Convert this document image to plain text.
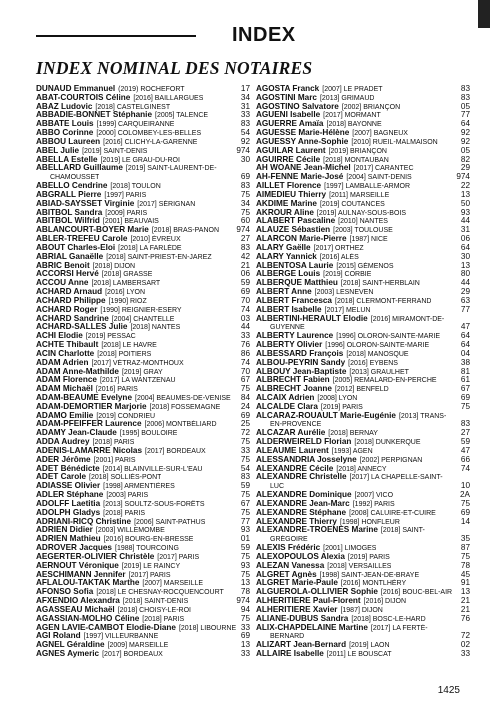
INDEX
INDEX NOMINAL DES NOTAIRES
DUNAUD Emmanuel (2019) ROCHEFORT	17
ABAT-COURTOIS Céline [2016] BAILLARGUES	34
ABAZ Ludovic [2018] CASTELGINEST	31
ABBADIE-BONNET Stéphanie [2005] TALENCE	33
ABBATE Louis [1999] CARQUEIRANNE	83
ABBO Corinne [2000] COLOMBEY-LES-BELLES	54
ABBOU Laureen [2016] CLICHY-LA-GARENNE	92
ABEL Julie [2019] SAINT-DENIS	974
ABELLA Estelle [2019] LE GRAU-DU-ROI	30
ABELLARD Guillaume [2019] SAINT-LAURENT-DE-
CHAMOUSSET	69
ABELLO Cendrine [2018] TOULON	83
ABGRALL Pierre [1997] PARIS	75
ABIAD-SAYSSET Virginie [2017] SÉRIGNAN	34
ABITBOL Sandra [2009] PARIS	75
ABITBOL Wilfrid [2001] BEAUVAIS	60
ABLANCOURT-BOYER Marie [2018] BRAS-PANON 974
ABLER-TREFEU Carole [2010] ÉVREUX	27
ABOUT Charles-Eloi [2018] LA FARLÈDE	83
ABRIAL Ganaëlle [2018] SAINT-PRIEST-EN-JAREZ	42
ABRIC Benoit [2018] DIJON	21
ACCORSI Hervé [2018] GRASSE	06
ACCOU Anne [2018] LAMBERSART	59
ACHARD Arnaud [2016] LYON	69
ACHARD Philippe [1990] RIOZ	70
ACHARD Roger [1990] REIGNIER-ESERY	74
ACHARD Sandrine [2004] CHANTELLE	03
ACHARD-SALLES Julie [2018] NANTES	44
ACHI Elodie [2019] PESSAC	33
ACHTE Thibault [2018] LE HAVRE	76
ACIN Charlotte [2018] POITIERS	86
ADAM Adrien [2017] VÉTRAZ-MONTHOUX	74
ADAM Anne-Mathilde [2019] GRAY	70
ADAM Florence [2017] LA WANTZENAU	67
ADAM Michaël [2016] PARIS	75
ADAM-BEAUME Evelyne [2004] BEAUMES-DE-VENISE 84
ADAM-DEMORTIER Marjorie [2018] FOSSEMAGNE	24
ADAMO Emilie [2019] CONDRIEU	69
ADAM-PFEIFFER Laurence [2006] MONTBÉLIARD	25
ADAMY Jean-Claude [1995] BOULOIRE	72
ADDA Audrey [2018] PARIS	75
ADENIS-LAMARRE Nicolas [2017] BORDEAUX	33
ADER Jérôme [2001] PARIS	75
ADET Bénédicte [2014] BLAINVILLE-SUR-L'EAU	54
ADET Carole [2018] SOLLIÈS-PONT	83
ADIASSE Olivier [1998] ARMENTIÈRES	59
ADLER Stéphane [2003] PARIS	75
ADOLFF Laetitia [2013] SOULTZ-SOUS-FORÊTS	67
ADOLPH Gladys [2018] PARIS	75
ADRIANI-RICQ Christine [2006] SAINT-PATHUS	77
ADRIEN Didier [2003] WILLEMOMBE	93
ADRIEN Mathieu [2016] BOURG-EN-BRESSE	01
ADROVER Jacques [1988] TOURCOING	59
AEGERTER-OLIVIER Christèle [2017] PARIS	75
AERNOUT Véronique [2019] LE RAINCY	93
AESCHIMANN Jennifer [2017] PARIS	75
AFLALOU-TAKTAK Marthe [2007] MARSEILLE	13
AFONSO Sofia [2018] LE CHESNAY-ROCQUENCOURT 78
AFXENDIO Alexandra [2018] SAINT-DENIS	974
AGASSEAU Michaël [2018] CHOISY-LE-ROI	94
AGASSIAN-MOLHO Céline [2018] PARIS	75
AGEN LAVIE-CAMBOT Elodie-Diane [2018] LIBOURNE 33
AGI Roland [1997] VILLEURBANNE	69
AGNEL Géraldine [2009] MARSEILLE	13
AGNES Aymeric [2017] BORDEAUX	33
AGOSTA Franck [2007] LE PRADET	83
AGOSTINI Marc [2013] GRIMAUD	83
AGOSTINO Salvatore [2002] BRIANÇON	05
AGUENI Isabelle [2017] MORMANT	77
AGUERRE Amaïa [2018] BAYONNE	64
AGUESSE Marie-Hélène [2007] BAGNEUX	92
AGUESSY Anne-Sophie [2010] RUEIL-MALMAISON	92
AGUILAR Laurent [2019] BRIANÇON	05
AGUIRRE Cécile [2018] MONTAUBAN	82
AH WOANE Jean-Michel [2017] CARANTEC	29
AH-FENNE Marie-José [2004] SAINT-DENIS	974
AILLET Florence [1997] LAMBALLE-ARMOR	22
AIMEDIEU Thierry [2011] MARSEILLE	13
AKDIME Marine [2019] COUTANCES	50
AKROUR Aline [2019] AULNAY-SOUS-BOIS	93
ALABERT Pascaline [2010] NANTES	44
ALAUZE Sébastien [2003] TOULOUSE	31
ALARCON Marie-Pierre [1987] NICE	06
ALARY Gaëlle [2017] ORTHEZ	64
ALARY Yannick [2016] ALÈS	30
ALBENTOSA Laurie [2015] GÉMENOS	13
ALBERGE Louis [2019] CORBIE	80
ALBERQUE Matthieu [2018] SAINT-HERBLAIN	44
ALBERT Anne [2003] LESNEVEN	29
ALBERT Francesca [2018] CLERMONT-FERRAND	63
ALBERT Isabelle [2017] MELUN	77
ALBERTINI-HERAULT Elodie [2016] MIRAMONT-DE-
GUYENNE	47
ALBERTY Laurence [1996] OLORON-SAINTE-MARIE	64
ALBERTY Olivier [1996] OLORON-SAINTE-MARIE	64
ALBESSARD François [2018] MANOSQUE	04
ALBOU-PEYRIN Sandy [2016] EYBENS	38
ALBOUY Jean-Baptiste [2013] GRAULHET	81
ALBRECHT Fabien [2005] REMALARD-EN-PERCHE	61
ALBRECHT Joanne [2012] BENFELD	67
ALCAIX Adrien [2008] LYON	69
ALCALDE Clara [2019] PARIS	75
ALCARAZ-ROUAULT Marie-Eugénie [2013] TRANS-
EN-PROVENCE	83
ALCAZAR Aurélie [2018] BERNAY	27
ALDERWEIRELD Florian [2018] DUNKERQUE	59
ALEAUME Laurent [1993] AGEN	47
ALESSANDRIA Josselyne [2002] PERPIGNAN	66
ALEXANDRE Cécile [2018] ANNECY	74
ALEXANDRE Christelle [2017] LA CHAPELLE-SAINT-
LUC	10
ALEXANDRE Dominique [2007] VICO	2A
ALEXANDRE Jean-Marc [1992] PARIS	75
ALEXANDRE Stéphane [2008] CALUIRE-ET-CUIRE	69
ALEXANDRE Thierry [1998] HONFLEUR	14
ALEXANDRE-TROËNES Marine [2018] SAINT-
GRÉGOIRE	35
ALEXIS Frédéric [2001] LIMOGES	87
ALEXOPOULOS Alexia [2019] PARIS	75
ALEZAN Vanessa [2018] VERSAILLES	78
ALGRET Agnès [1998] SAINT-JEAN-DE-BRAYE	45
ALGRET Marie-Paule [2016] MONTLHÉRY	91
ALGUEROLA-OLLIVIER Sophie [2016] BOUC-BEL-AIR 13
ALHÉRITIÈRE Paul-Florent [2016] DIJON	21
ALHÉRITIÈRE Xavier [1987] DIJON	21
ALIANE-DUBUS Sandra [2018] BOSC-LE-HARD	76
ALIX-CHAPDELAINE Martine [2017] LA FERTÉ-
BERNARD	72
ALIZART Jean-Bernard [2019] LAON	02
ALLAIRE Isabelle [2011] LE BOUSCAT	33
1425
